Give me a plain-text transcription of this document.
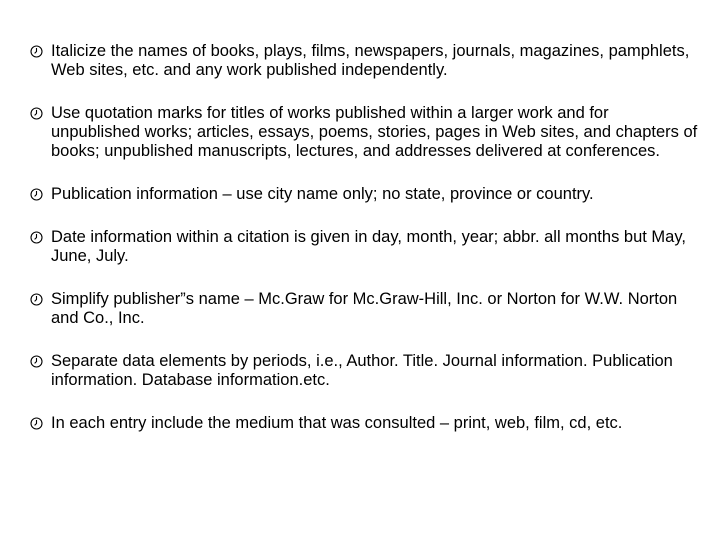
Italicize the names of books, plays, films, newspapers, journals, magazines, pamphlets, Web sites, etc. and any work published independently.
Use quotation marks for titles of works published within a larger work and for unpublished works; articles, essays, poems, stories, pages in Web sites, and chapters of books; unpublished manuscripts, lectures, and addresses delivered at conferences.
Publication information – use city name only; no state, province or country.
Date information within a citation is given in day, month, year; abbr. all months but May, June, July.
Simplify publisher”s name – Mc.Graw for Mc.Graw-Hill, Inc. or Norton for W.W. Norton and Co., Inc.
Separate data elements by periods, i.e., Author. Title. Journal information. Publication information. Database information.etc.
In each entry include the medium that was consulted – print, web, film, cd, etc.
